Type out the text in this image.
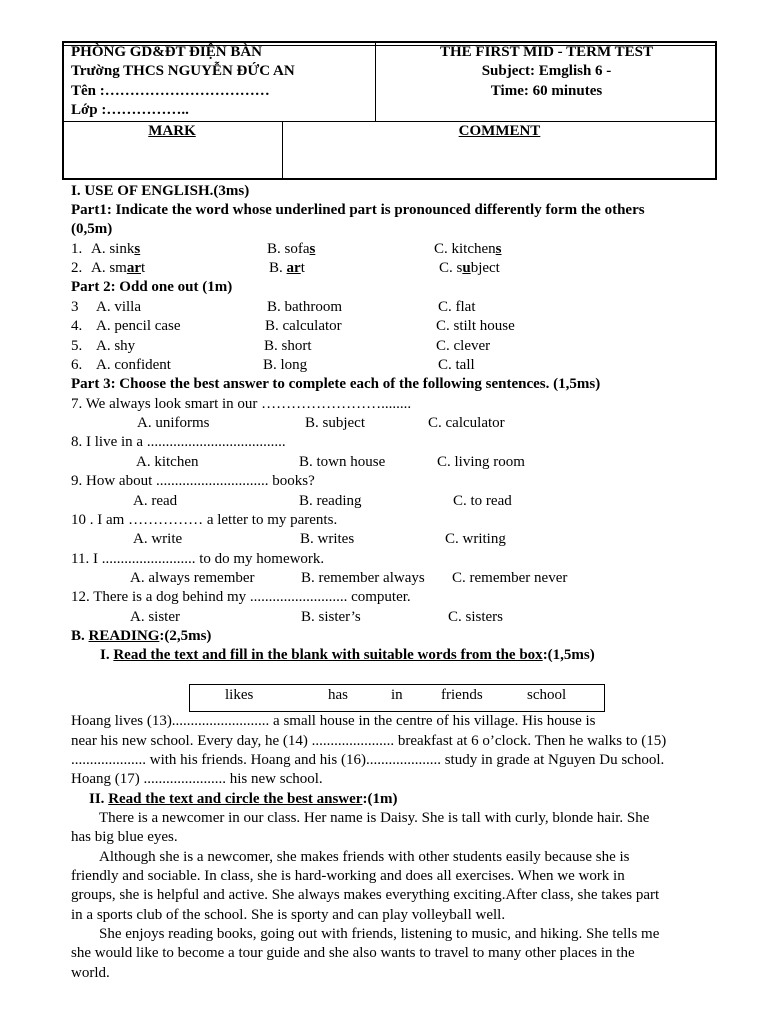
PHÒNG GD&ĐT ĐIỆN BÀN
Trường THCS NGUYỄN ĐỨC AN
Tên :……………………………
Lớp :……………..
THE FIRST MID - TERM TEST
Subject: Emglish 6 -
Time: 60 minutes
MARK	COMMENT
I. USE OF ENGLISH.(3ms)
Part1: Indicate the word whose underlined part is pronounced differently form the others
(0,5m)
1. A. sinks	B. sofas	C. kitchens
2. A. smart	B. art	C. subject
Part 2: Odd one out (1m)
3 A. villa	B. bathroom	C. flat
4. A. pencil case	B. calculator	C. stilt house
5. A. shy	B. short	C. clever
6. A. confident	B. long	C. tall
Part 3: Choose the best answer to complete each of the following sentences. (1,5ms)
7. We always look smart in our ……………………........
A. uniforms	B. subject	C. calculator
8. I live in a .....................................
A. kitchen	B. town house	C. living room
9. How about .............................. books?
A. read	B. reading	C. to read
10 . I am …………… a letter to my parents.
A. write	B. writes	C. writing
11. I ......................... to do my homework.
A. always remember	B. remember always C. remember never
12. There is a dog behind my .......................... computer.
A. sister	B. sister’s	C. sisters
B. READING:(2,5ms)
I. Read the text and fill in the blank with suitable words from the box:(1,5ms)
likes	has	in	friends	school
Hoang lives (13).......................... a small house in the centre of his village. His house is
near his new school. Every day, he (14) ...................... breakfast at 6 o’clock. Then he walks to (15)
.................... with his friends. Hoang and his (16).................... study in grade at Nguyen Du school.
Hoang (17) ...................... his new school.
II. Read the text and circle the best answer:(1m)
There is a newcomer in our class. Her name is Daisy. She is tall with curly, blonde hair. She
has big blue eyes.
Although she is a newcomer, she makes friends with other students easily because she is
friendly and sociable. In class, she is hard-working and does all exercises. When we work in
groups, she is helpful and active. She always makes everything exciting.After class, she takes part
in a sports club of the school. She is sporty and can play volleyball well.
She enjoys reading books, going out with friends, listening to music, and hiking. She tells me
she would like to become a tour guide and she also wants to travel to many other places in the
world.
